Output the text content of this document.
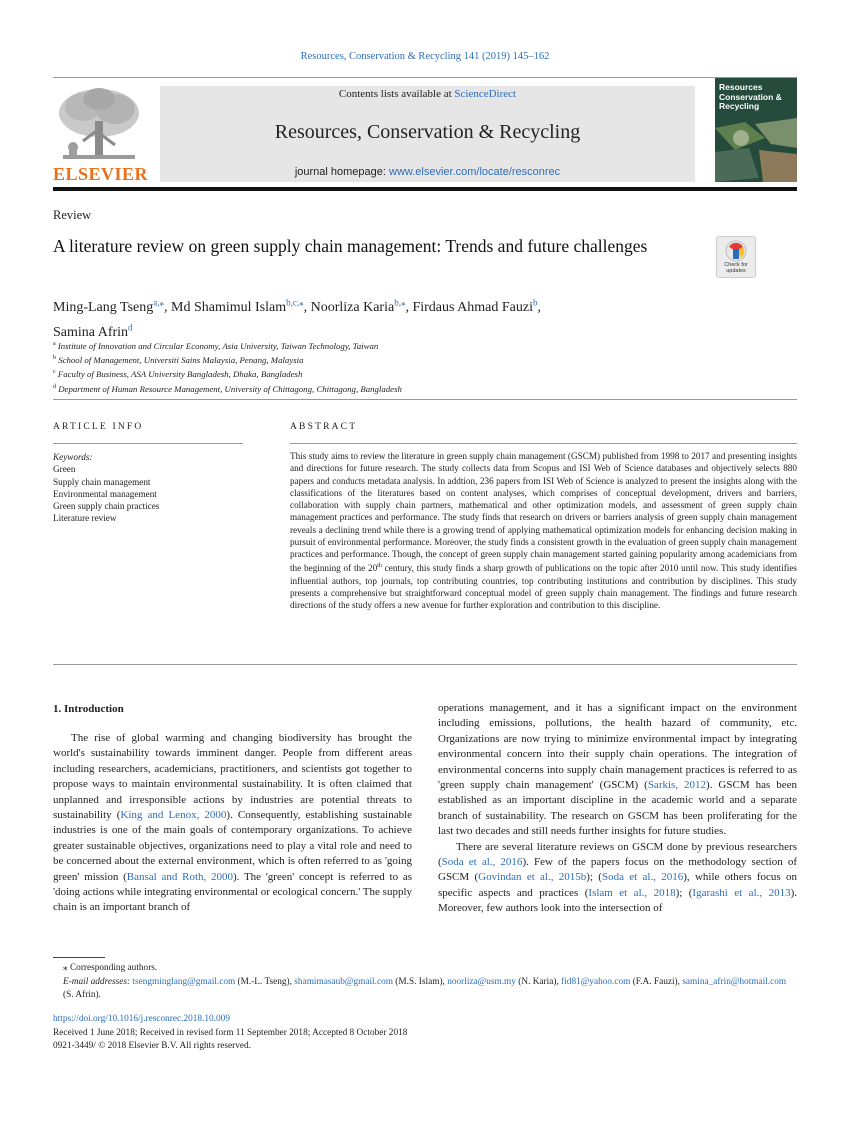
Resources, Conservation & Recycling 141 (2019) 145–162
ELSEVIER
Contents lists available at ScienceDirect
Resources, Conservation & Recycling
journal homepage: www.elsevier.com/locate/resconrec
Resources Conservation & Recycling
Review
A literature review on green supply chain management: Trends and future challenges
Check for
updates
Ming-Lang Tseng$^{a,⁎}$, Md Shamimul Islam$^{b,c,⁎}$, Noorliza Karia$^{b,⁎}$, Firdaus Ahmad Fauzi$^b$,
Samina Afrin$^d$
$^a$ Institute of Innovation and Circular Economy, Asia University, Taiwan Technology, Taiwan
$^b$ School of Management, Universiti Sains Malaysia, Penang, Malaysia
$^c$ Faculty of Business, ASA University Bangladesh, Dhaka, Bangladesh
$^d$ Department of Human Resource Management, University of Chittagong, Chittagong, Bangladesh
ARTICLE INFO	ABSTRACT
Keywords:
Green
Supply chain management
Environmental management
Green supply chain practices
Literature review
This study aims to review the literature in green supply chain management (GSCM) published from 1998 to 2017 and presenting insights and directions for future research. The study collects data from Scopus and ISI Web of Science databases and objectively selects 880 papers and conducts metadata analysis. In addtion, 236 papers from ISI Web of Science is analyzed to present the insights along with the classifications of the literatures based on content analyses, which comprises of conceptual development, drivers and barriers, collaboration with supply chain partners, mathematical and other optimization models, and assessment of green supply chain management practices and performance. The study finds that research on drivers or barriers analysis of green supply chain management reveals a declining trend while there is a growing trend of applying mathematical optimization models for enhancing decision making in pursuit of environmental performance. Moreover, the study finds a consistent growth in the evaluation of green supply chain management practices and performance. Though, the concept of green supply chain management started gaining popularity among academicians from the beginning of the 20th century, this study finds a sharp growth of publications on the topic after 2010 until now. This study identifies influential authors, top journals, top contributing countries, top contributing institutions and contribution by disciplines. This study presents a comprehensive but straightforward conceptual model of green supply chain management. The findings and future research directions of the study offers a new avenue for further exploration and contribution to this discipline.
1. Introduction

The rise of global warming and changing biodiversity has brought the world's sustainability towards imminent danger. People from different areas including researchers, academicians, practitioners, and scientists got together to propose ways to maintain environmental sustainability. It is often claimed that unplanned and irresponsible actions by industries are potential threats to sustainability (King and Lenox, 2000). Consequently, establishing sustainable industries is one of the main goals of contemporary organizations. To achieve greater sustainable objectives, organizations need to play a vital role and need to be concerned about the external environment, which is often referred to as 'going green' mission (Bansal and Roth, 2000). The 'green' concept is referred to as 'doing actions while integrating environmental or ecological concern.' The supply chain is an important branch of

operations management, and it has a significant impact on the environment including emissions, pollutions, the health hazard of community, etc. Organizations are now trying to minimize environmental impact by integrating environmental concern into their supply chain operations. The integration of environmental concerns into supply chain management practices is referred to as 'green supply chain management' (GSCM) (Sarkis, 2012). GSCM has been established as an important discipline in the academic world and a separate branch of sustainability. The research on GSCM has been proliferating for the last two decades and still needs further insights for future studies.

There are several literature reviews on GSCM done by previous researchers (Soda et al., 2016). Few of the papers focus on the methodology section of GSCM (Govindan et al., 2015b); (Soda et al., 2016), while others focus on specific aspects and practices (Islam et al., 2018); (Igarashi et al., 2013). Moreover, few authors look into the intersection of

⁎ Corresponding authors.

E-mail addresses: tsengminglang@gmail.com (M.-L. Tseng), shamimasaub@gmail.com (M.S. Islam), noorliza@usm.my (N. Karia), fid81@yahoo.com (F.A. Fauzi), samina_afrin@hotmail.com (S. Afrin).

https://doi.org/10.1016/j.resconrec.2018.10.009

Received 1 June 2018; Received in revised form 11 September 2018; Accepted 8 October 2018

0921-3449/ © 2018 Elsevier B.V. All rights reserved.
